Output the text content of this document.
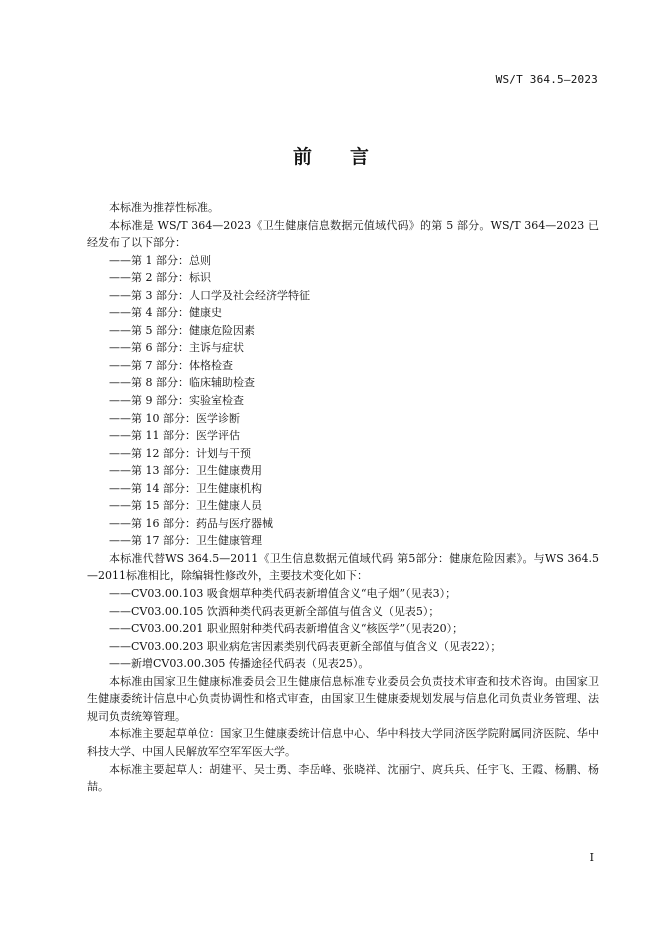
WS/T 364.5—2023
前言

本标准为推荐性标准。

本标准是 WS/T 364—2023《卫生健康信息数据元值域代码》的第 5 部分。WS/T 364—2023 已经发布了以下部分：

——第 1 部分：总则
——第 2 部分：标识
——第 3 部分：人口学及社会经济学特征
——第 4 部分：健康史
——第 5 部分：健康危险因素
——第 6 部分：主诉与症状
——第 7 部分：体格检查
——第 8 部分：临床辅助检查
——第 9 部分：实验室检查
——第 10 部分：医学诊断
——第 11 部分：医学评估
——第 12 部分：计划与干预
——第 13 部分：卫生健康费用
——第 14 部分：卫生健康机构
——第 15 部分：卫生健康人员
——第 16 部分：药品与医疗器械
——第 17 部分：卫生健康管理

本标准代替WS 364.5—2011《卫生信息数据元值域代码 第5部分：健康危险因素》。与WS 364.5—2011标准相比，除编辑性修改外，主要技术变化如下：

——CV03.00.103 吸食烟草种类代码表新增值含义“电子烟”（见表3）；
——CV03.00.105 饮酒种类代码表更新全部值与值含义（见表5）；
——CV03.00.201 职业照射种类代码表新增值含义“核医学”（见表20）；
——CV03.00.203 职业病危害因素类别代码表更新全部值与值含义（见表22）；
——新增CV03.00.305 传播途径代码表（见表25）。

本标准由国家卫生健康标准委员会卫生健康信息标准专业委员会负责技术审查和技术咨询。由国家卫生健康委统计信息中心负责协调性和格式审查，由国家卫生健康委规划发展与信息化司负责业务管理、法规司负责统筹管理。

本标准主要起草单位：国家卫生健康委统计信息中心、华中科技大学同济医学院附属同济医院、华中科技大学、中国人民解放军空军军医大学。

本标准主要起草人：胡建平、吴士勇、李岳峰、张晓祥、沈丽宁、庹兵兵、任宇飞、王霞、杨鹏、杨喆。

I
